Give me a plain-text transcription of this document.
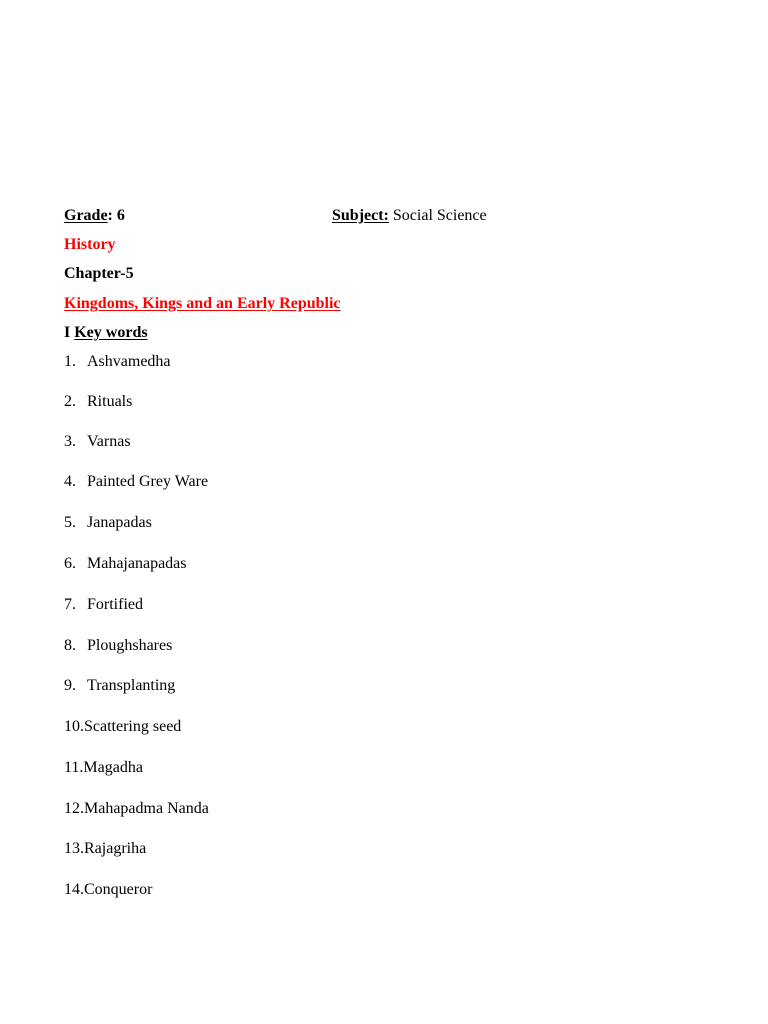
Grade: 6	Subject: Social Science
History
Chapter-5
Kingdoms, Kings and an Early Republic
I Key words
1. Ashvamedha
2. Rituals
3. Varnas
4. Painted Grey Ware
5. Janapadas
6. Mahajanapadas
7. Fortified
8. Ploughshares
9. Transplanting
10.Scattering seed
11.Magadha
12.Mahapadma Nanda
13.Rajagriha
14.Conqueror
